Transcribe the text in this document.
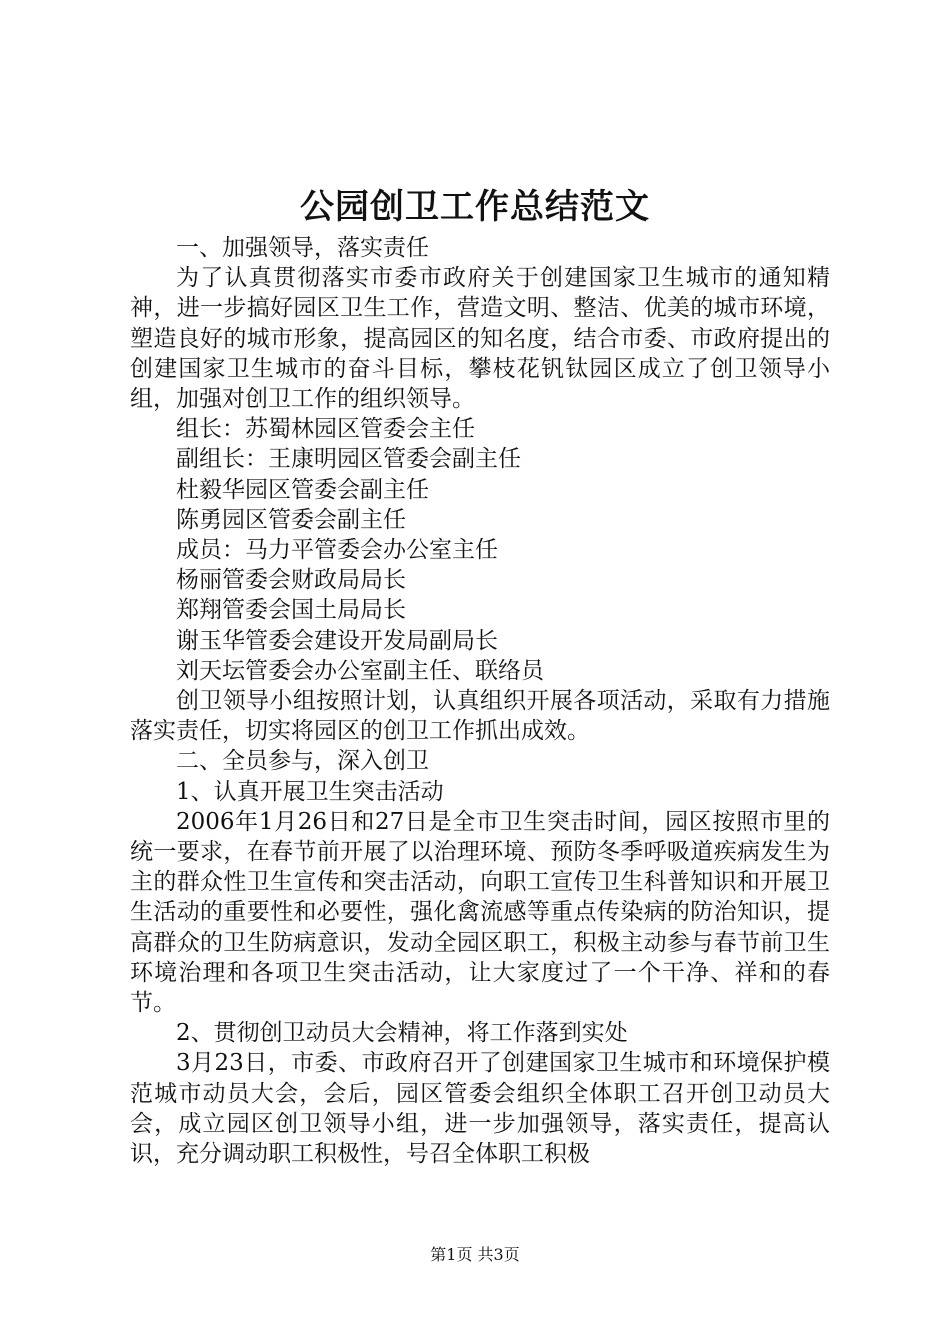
公园创卫工作总结范文

一、加强领导，落实责任

为了认真贯彻落实市委市政府关于创建国家卫生城市的通知精神，进一步搞好园区卫生工作，营造文明、整洁、优美的城市环境，塑造良好的城市形象，提高园区的知名度，结合市委、市政府提出的创建国家卫生城市的奋斗目标，攀枝花钒钛园区成立了创卫领导小组，加强对创卫工作的组织领导。

组长：苏蜀林园区管委会主任

副组长：王康明园区管委会副主任

杜毅华园区管委会副主任

陈勇园区管委会副主任

成员：马力平管委会办公室主任

杨丽管委会财政局局长

郑翔管委会国土局局长

谢玉华管委会建设开发局副局长

刘天坛管委会办公室副主任、联络员

创卫领导小组按照计划，认真组织开展各项活动，采取有力措施落实责任，切实将园区的创卫工作抓出成效。

二、全员参与，深入创卫

1、认真开展卫生突击活动

2006年1月26日和27日是全市卫生突击时间，园区按照市里的统一要求，在春节前开展了以治理环境、预防冬季呼吸道疾病发生为主的群众性卫生宣传和突击活动，向职工宣传卫生科普知识和开展卫生活动的重要性和必要性，强化禽流感等重点传染病的防治知识，提高群众的卫生防病意识，发动全园区职工，积极主动参与春节前卫生环境治理和各项卫生突击活动，让大家度过了一个干净、祥和的春节。

2、贯彻创卫动员大会精神，将工作落到实处

3月23日，市委、市政府召开了创建国家卫生城市和环境保护模范城市动员大会，会后，园区管委会组织全体职工召开创卫动员大会，成立园区创卫领导小组，进一步加强领导，落实责任，提高认识，充分调动职工积极性，号召全体职工积极

第1页 共3页
